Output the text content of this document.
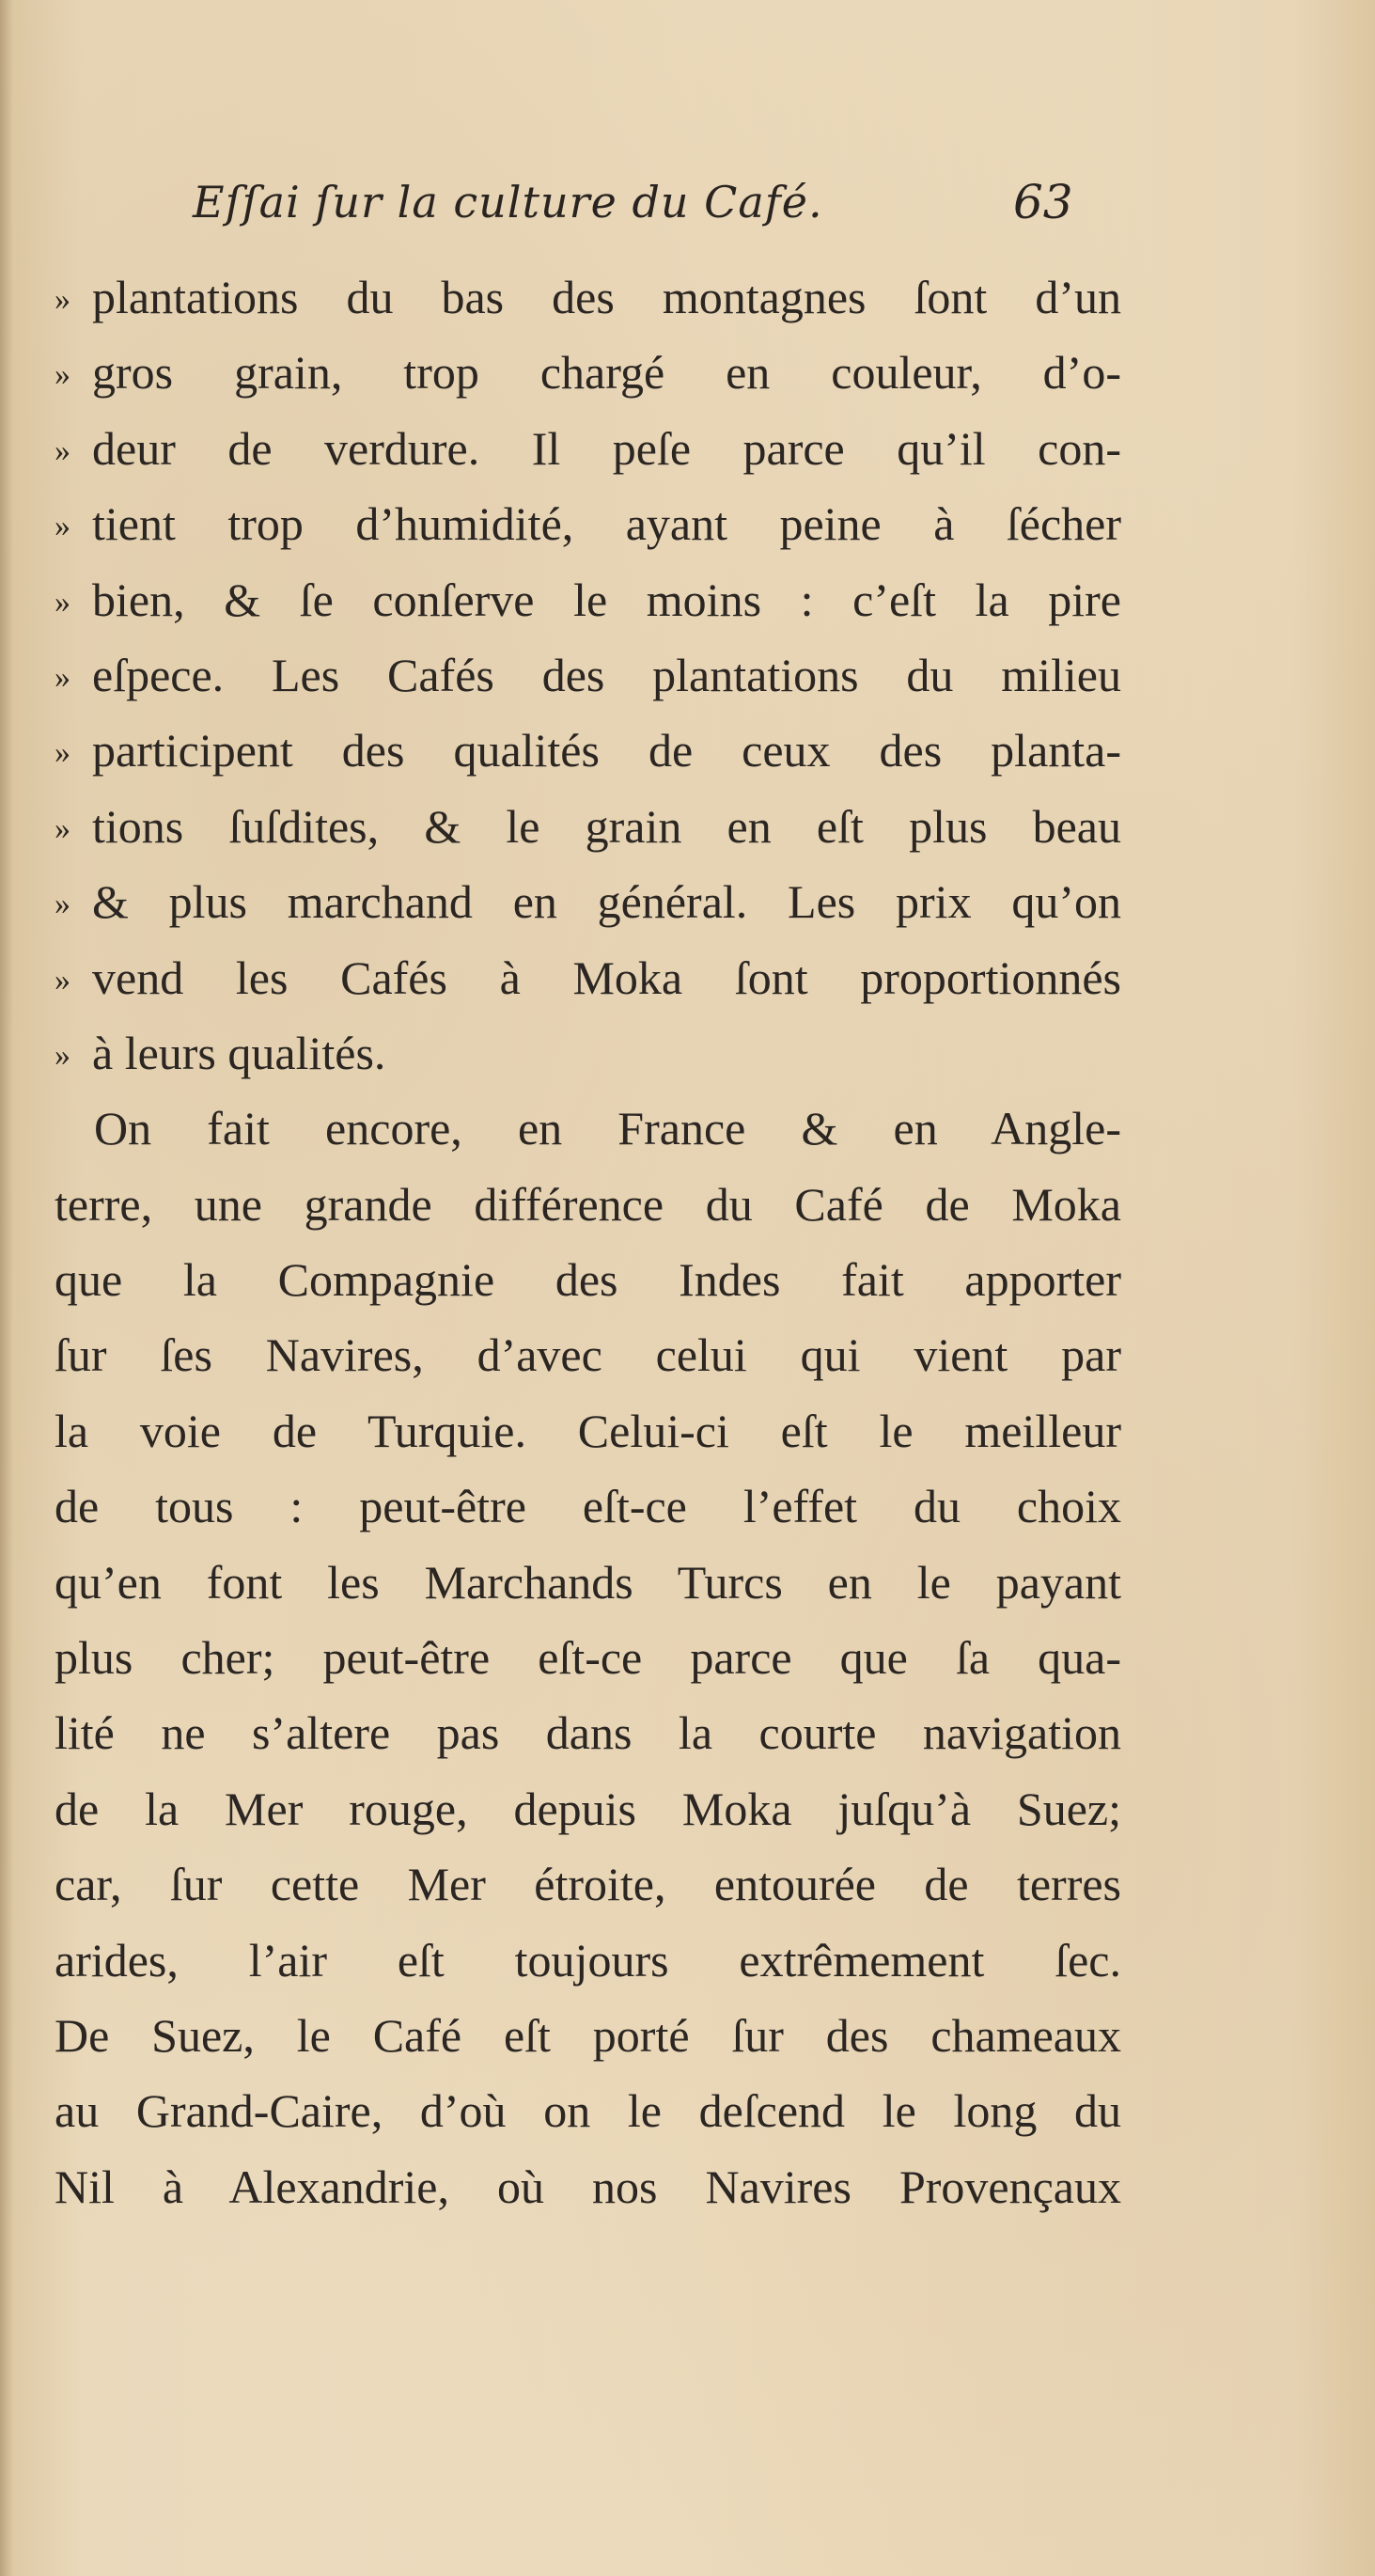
Eſſai ſur la culture du Café.	63
» plantations du bas des montagnes ſont d’un
» gros grain, trop chargé en couleur, d’o-
» deur de verdure. Il peſe parce qu’il con-
» tient trop d’humidité, ayant peine à ſécher
» bien, & ſe conſerve le moins : c’eſt la pire
» eſpece. Les Cafés des plantations du milieu
» participent des qualités de ceux des planta-
» tions ſuſdites, & le grain en eſt plus beau
» & plus marchand en général. Les prix qu’on
» vend les Cafés à Moka ſont proportionnés
» à leurs qualités.
On fait encore, en France & en Angle-
terre, une grande différence du Café de Moka
que la Compagnie des Indes fait apporter
ſur ſes Navires, d’avec celui qui vient par
la voie de Turquie. Celui-ci eſt le meilleur
de tous : peut-être eſt-ce l’effet du choix
qu’en font les Marchands Turcs en le payant
plus cher; peut-être eſt-ce parce que ſa qua-
lité ne s’altere pas dans la courte navigation
de la Mer rouge, depuis Moka juſqu’à Suez;
car, ſur cette Mer étroite, entourée de terres
arides, l’air eſt toujours extrêmement ſec.
De Suez, le Café eſt porté ſur des chameaux
au Grand-Caire, d’où on le deſcend le long du
Nil à Alexandrie, où nos Navires Provençaux
